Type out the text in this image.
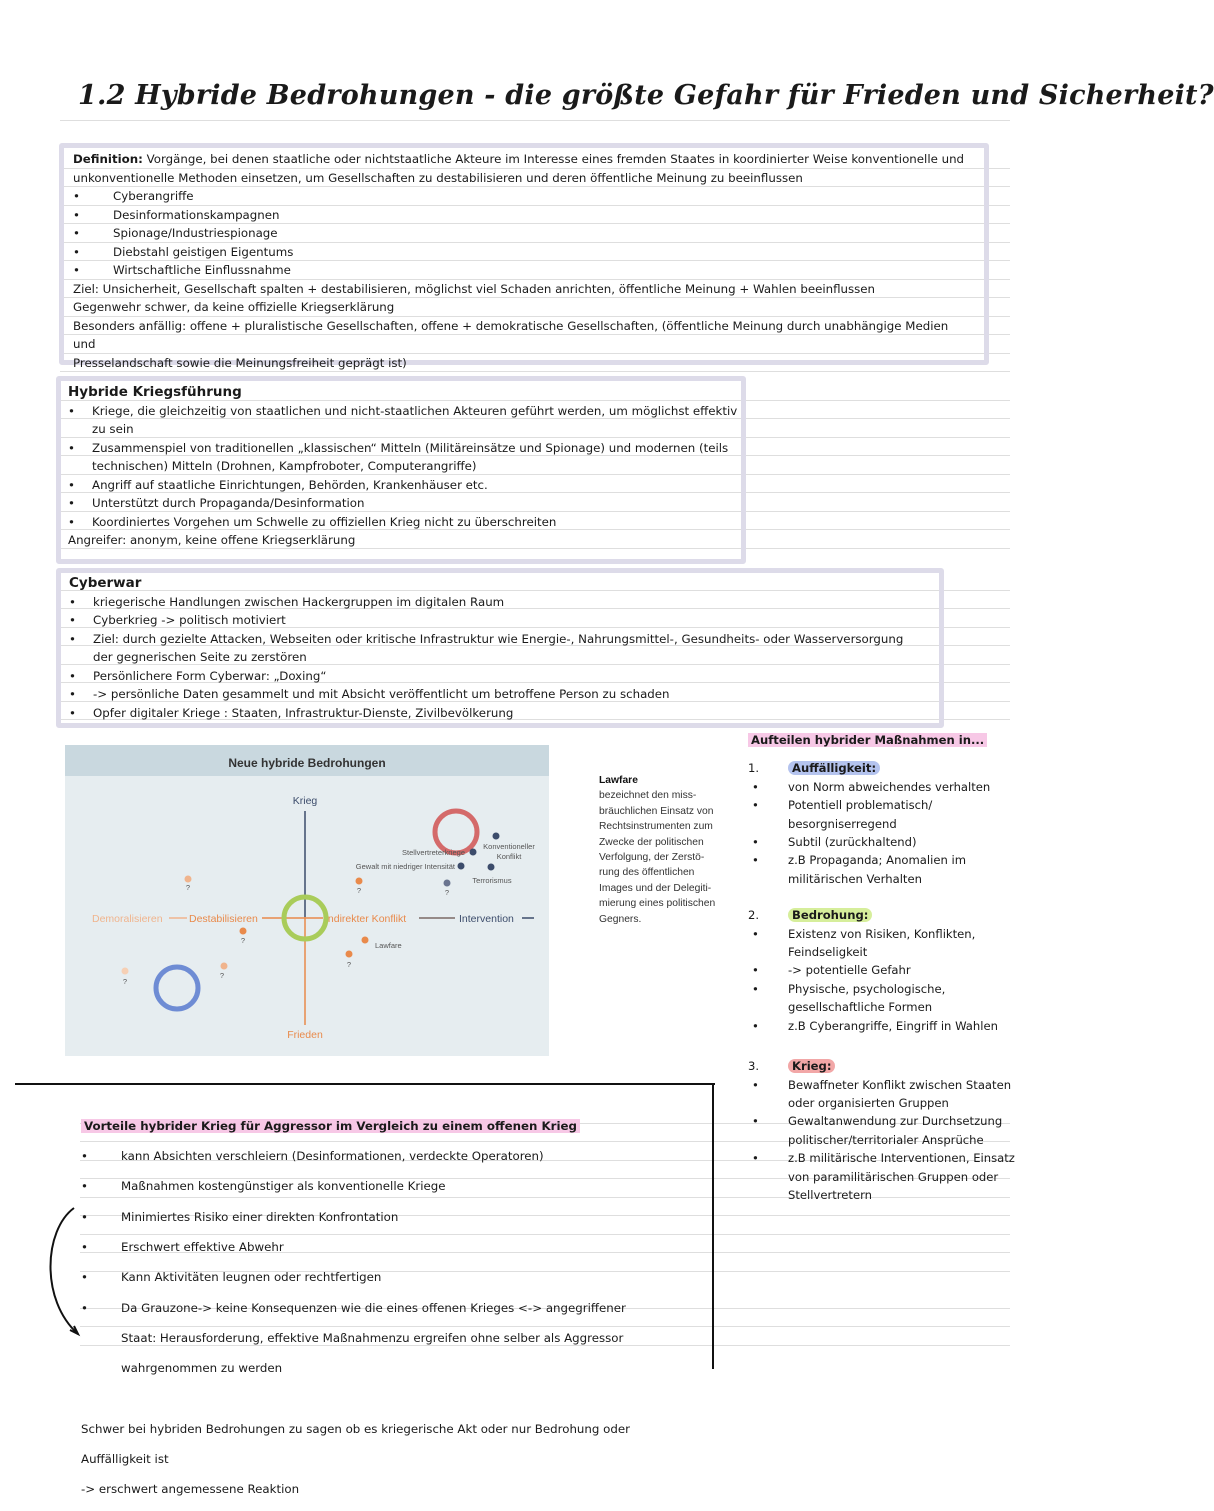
1.2 Hybride Bedrohungen - die größte Gefahr für Frieden und Sicherheit?

Definition: Vorgänge, bei denen staatliche oder nichtstaatliche Akteure im Interesse eines fremden Staates in koordinierter Weise konventionelle und

unkonventionelle Methoden einsetzen, um Gesellschaften zu destabilisieren und deren öffentliche Meinung zu beeinflussen

•	Cyberangriffe

•	Desinformationskampagnen

•	Spionage/Industriespionage

•	Diebstahl geistigen Eigentums

•	Wirtschaftliche Einflussnahme

Ziel: Unsicherheit, Gesellschaft spalten + destabilisieren, möglichst viel Schaden anrichten, öffentliche Meinung + Wahlen beeinflussen

Gegenwehr schwer, da keine offizielle Kriegserklärung

Besonders anfällig: offene + pluralistische Gesellschaften, offene + demokratische Gesellschaften, (öffentliche Meinung durch unabhängige Medien und

Presselandschaft sowie die Meinungsfreiheit geprägt ist)

Hybride Kriegsführung

• Kriege, die gleichzeitig von staatlichen und nicht-staatlichen Akteuren geführt werden, um möglichst effektiv

zu sein

• Zusammenspiel von traditionellen „klassischen“ Mitteln (Militäreinsätze und Spionage) und modernen (teils

technischen) Mitteln (Drohnen, Kampfroboter, Computerangriffe)

• Angriff auf staatliche Einrichtungen, Behörden, Krankenhäuser etc.

• Unterstützt durch Propaganda/Desinformation

• Koordiniertes Vorgehen um Schwelle zu offiziellen Krieg nicht zu überschreiten

Angreifer: anonym, keine offene Kriegserklärung

Cyberwar

• kriegerische Handlungen zwischen Hackergruppen im digitalen Raum

• Cyberkrieg -> politisch motiviert

• Ziel: durch gezielte Attacken, Webseiten oder kritische Infrastruktur wie Energie-, Nahrungsmittel-, Gesundheits- oder Wasserversorgung

der gegnerischen Seite zu zerstören

• Persönlichere Form Cyberwar: „Doxing“

• -> persönliche Daten gesammelt und mit Absicht veröffentlicht um betroffene Person zu schaden

• Opfer digitaler Kriege : Staaten, Infrastruktur-Dienste, Zivilbevölkerung

Neue hybride Bedrohungen
Krieg
Frieden
Demoralisieren	Destabilisieren	Indirekter Konflikt	Intervention
Konventioneller
Konflikt
Stellvertreterkriege
Gewalt mit niedriger Intensität
Terrorismus
?
?
?
?
Lawfare
?
?
?
Lawfare
bezeichnet den miss-
bräuchlichen Einsatz von
Rechtsinstrumenten zum
Zwecke der politischen
Verfolgung, der Zerstö-
rung des öffentlichen
Images und der Delegiti-
mierung eines politischen
Gegners.
Aufteilen hybrider Maßnahmen in...
1.	Auffälligkeit:
•	von Norm abweichendes verhalten
•	Potentiell problematisch/
besorgniserregend
•	Subtil (zurückhaltend)
•	z.B Propaganda; Anomalien im
militärischen Verhalten
2.	Bedrohung:
•	Existenz von Risiken, Konflikten,
Feindseligkeit
•	-> potentielle Gefahr
•	Physische, psychologische,
gesellschaftliche Formen
•	z.B Cyberangriffe, Eingriff in Wahlen
3.	Krieg:
•	Bewaffneter Konflikt zwischen Staaten
oder organisierten Gruppen
•	Gewaltanwendung zur Durchsetzung
politischer/territorialer Ansprüche
•	z.B militärische Interventionen, Einsatz
von paramilitärischen Gruppen oder
Stellvertretern

Vorteile hybrider Krieg für Aggressor im Vergleich zu einem offenen Krieg

•	kann Absichten verschleiern (Desinformationen, verdeckte Operatoren)

•	Maßnahmen kostengünstiger als konventionelle Kriege

•	Minimiertes Risiko einer direkten Konfrontation

•	Erschwert effektive Abwehr

•	Kann Aktivitäten leugnen oder rechtfertigen

•	Da Grauzone-> keine Konsequenzen wie die eines offenen Krieges <-> angegriffener

Staat: Herausforderung, effektive Maßnahmenzu ergreifen ohne selber als Aggressor

wahrgenommen zu werden

Schwer bei hybriden Bedrohungen zu sagen ob es kriegerische Akt oder nur Bedrohung oder

Auffälligkeit ist

-> erschwert angemessene Reaktion
